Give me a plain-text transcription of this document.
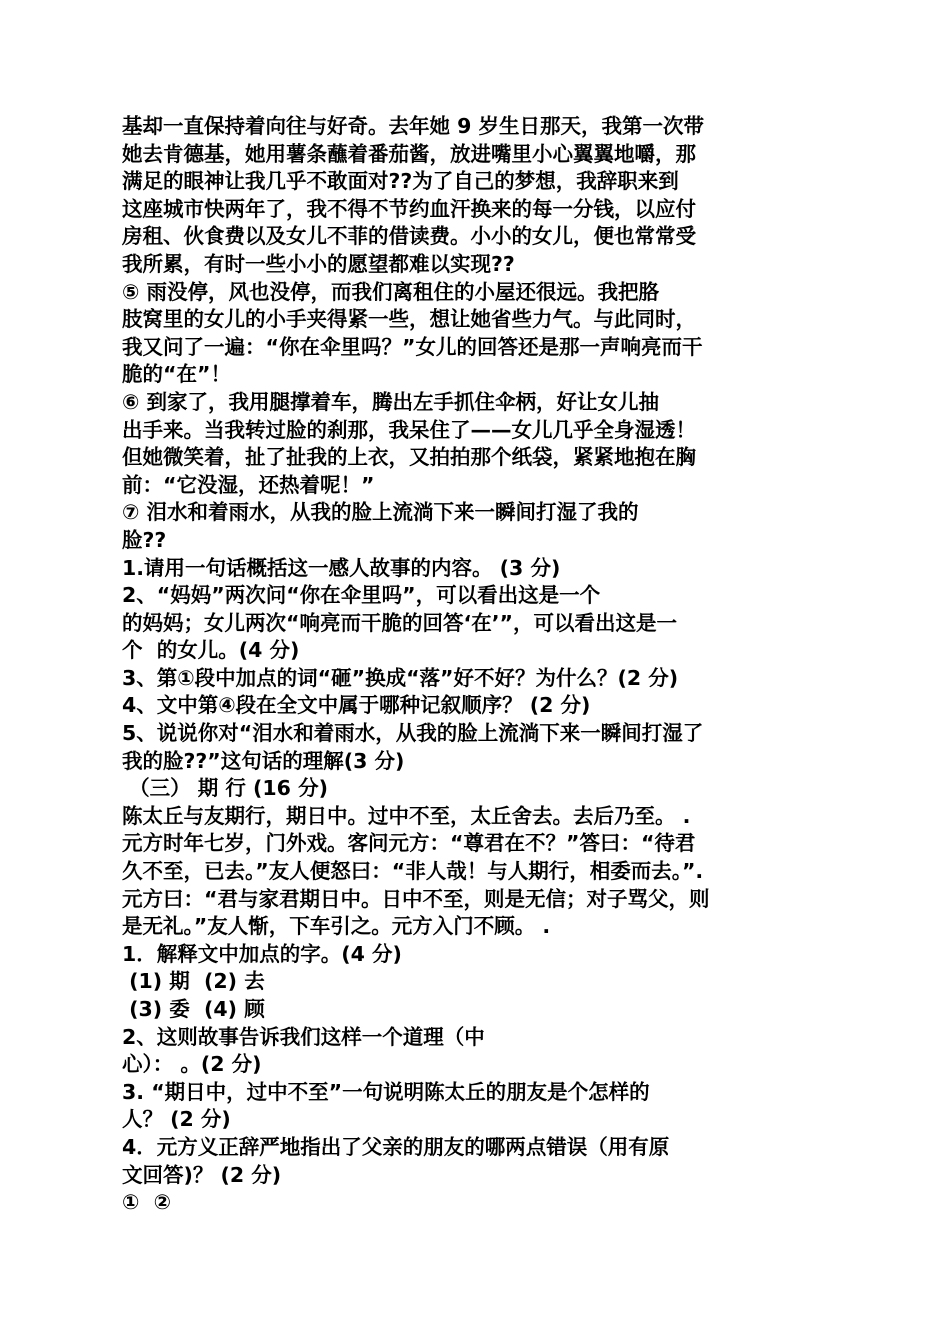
基却一直保持着向往与好奇。去年她 9 岁生日那天，我第一次带
她去肯德基，她用薯条蘸着番茄酱，放进嘴里小心翼翼地嚼，那
满足的眼神让我几乎不敢面对??为了自己的梦想，我辞职来到
这座城市快两年了，我不得不节约血汗换来的每一分钱，以应付
房租、伙食费以及女儿不菲的借读费。小小的女儿，便也常常受
我所累，有时一些小小的愿望都难以实现??
⑤ 雨没停，风也没停，而我们离租住的小屋还很远。我把胳
肢窝里的女儿的小手夹得紧一些，想让她省些力气。与此同时，
我又问了一遍：“你在伞里吗？”女儿的回答还是那一声响亮而干
脆的“在”！
⑥ 到家了，我用腿撑着车，腾出左手抓住伞柄，好让女儿抽
出手来。当我转过脸的刹那，我呆住了——女儿几乎全身湿透！
但她微笑着，扯了扯我的上衣，又拍拍那个纸袋，紧紧地抱在胸
前：“它没湿，还热着呢！”
⑦ 泪水和着雨水，从我的脸上流淌下来一瞬间打湿了我的
脸??
1.请用一句话概括这一感人故事的内容。 (3 分)
2、“妈妈”两次问“你在伞里吗”，可以看出这是一个
的妈妈；女儿两次“响亮而干脆的回答‘在’”，可以看出这是一
个  的女儿。(4 分)
3、第①段中加点的词“砸”换成“落”好不好？为什么？(2 分)
4、文中第④段在全文中属于哪种记叙顺序？ (2 分)
5、说说你对“泪水和着雨水，从我的脸上流淌下来一瞬间打湿了
我的脸??”这句话的理解(3 分)
（三） 期 行 (16 分)
陈太丘与友期行，期日中。过中不至，太丘舍去。去后乃至。 .
元方时年七岁，门外戏。客问元方：“尊君在不？”答曰：“待君
久不至，已去。”友人便怒曰：“非人哉！与人期行，相委而去。”.
元方曰：“君与家君期日中。日中不至，则是无信；对子骂父，则
是无礼。”友人惭，下车引之。元方入门不顾。 .
1．解释文中加点的字。(4 分)
(1) 期  (2) 去
(3) 委  (4) 顾
2、这则故事告诉我们这样一个道理（中
心）： 。(2 分)
3. “期日中，过中不至”一句说明陈太丘的朋友是个怎样的
人？ (2 分)
4．元方义正辞严地指出了父亲的朋友的哪两点错误（用有原
文回答)？ (2 分)
①  ②
